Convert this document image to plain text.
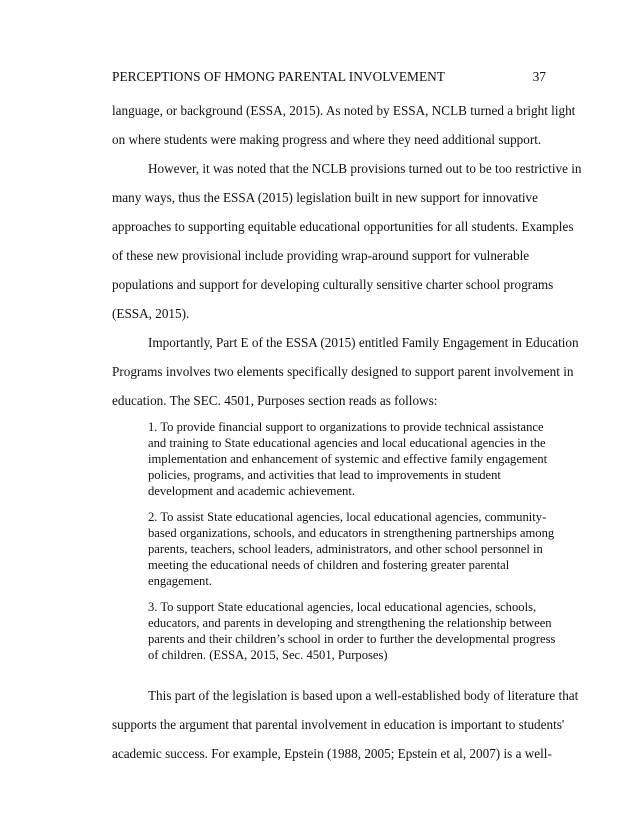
PERCEPTIONS OF HMONG PARENTAL INVOLVEMENT	37
language, or background (ESSA, 2015). As noted by ESSA, NCLB turned a bright light
on where students were making progress and where they need additional support.
However, it was noted that the NCLB provisions turned out to be too restrictive in
many ways, thus the ESSA (2015) legislation built in new support for innovative
approaches to supporting equitable educational opportunities for all students. Examples
of these new provisional include providing wrap-around support for vulnerable
populations and support for developing culturally sensitive charter school programs
(ESSA, 2015).
Importantly, Part E of the ESSA (2015) entitled Family Engagement in Education
Programs involves two elements specifically designed to support parent involvement in
education. The SEC. 4501, Purposes section reads as follows:
1. To provide financial support to organizations to provide technical assistance
and training to State educational agencies and local educational agencies in the
implementation and enhancement of systemic and effective family engagement
policies, programs, and activities that lead to improvements in student
development and academic achievement.
2. To assist State educational agencies, local educational agencies, community-
based organizations, schools, and educators in strengthening partnerships among
parents, teachers, school leaders, administrators, and other school personnel in
meeting the educational needs of children and fostering greater parental
engagement.
3. To support State educational agencies, local educational agencies, schools,
educators, and parents in developing and strengthening the relationship between
parents and their children’s school in order to further the developmental progress
of children. (ESSA, 2015, Sec. 4501, Purposes)
This part of the legislation is based upon a well-established body of literature that
supports the argument that parental involvement in education is important to students'
academic success. For example, Epstein (1988, 2005; Epstein et al, 2007) is a well-
